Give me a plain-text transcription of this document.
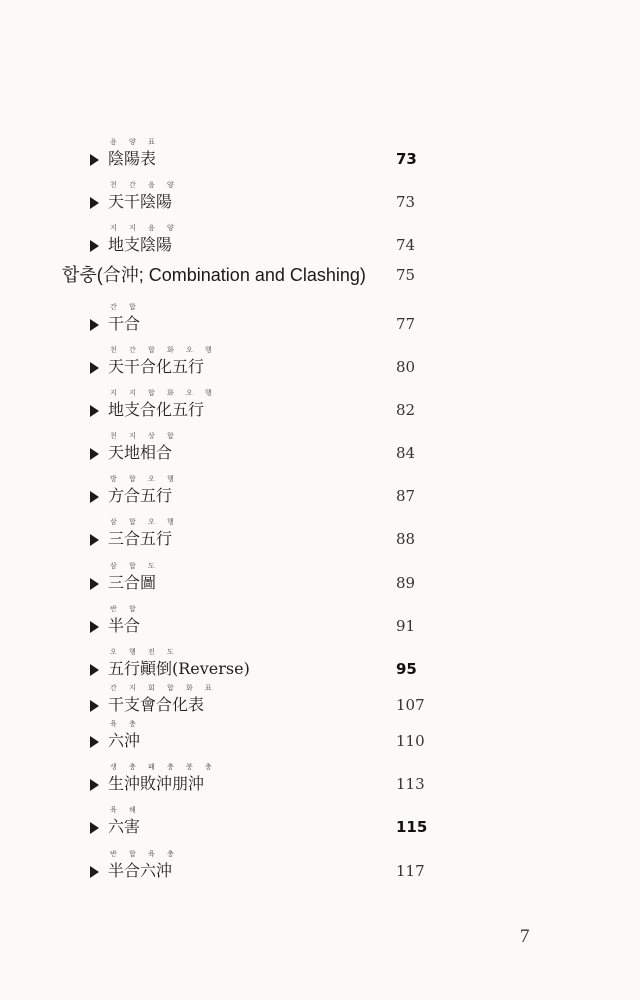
합충(合沖; Combination and Clashing) 75
음 양 표
陰陽表	73
천 간 음 양
天干陰陽	73
지 지 음 양
地支陰陽	74
간 합
干合	77
천 간 합 화 오 행
天干合化五行	80
지 지 합 화 오 행
地支合化五行	82
천 지 상 합
天地相合	84
방 합 오 행
方合五行	87
삼 합 오 행
三合五行	88
삼 합 도
三合圖	89
반 합
半合	91
오 행 전 도
五行顚倒(Reverse)	95
간 지 회 합 화 표
干支會合化表	107
육 충
六沖	110
생 충 패 충 붕 충
生沖敗沖朋沖	113
육 해
六害	115
반 합 육 충
半合六沖	117
7
